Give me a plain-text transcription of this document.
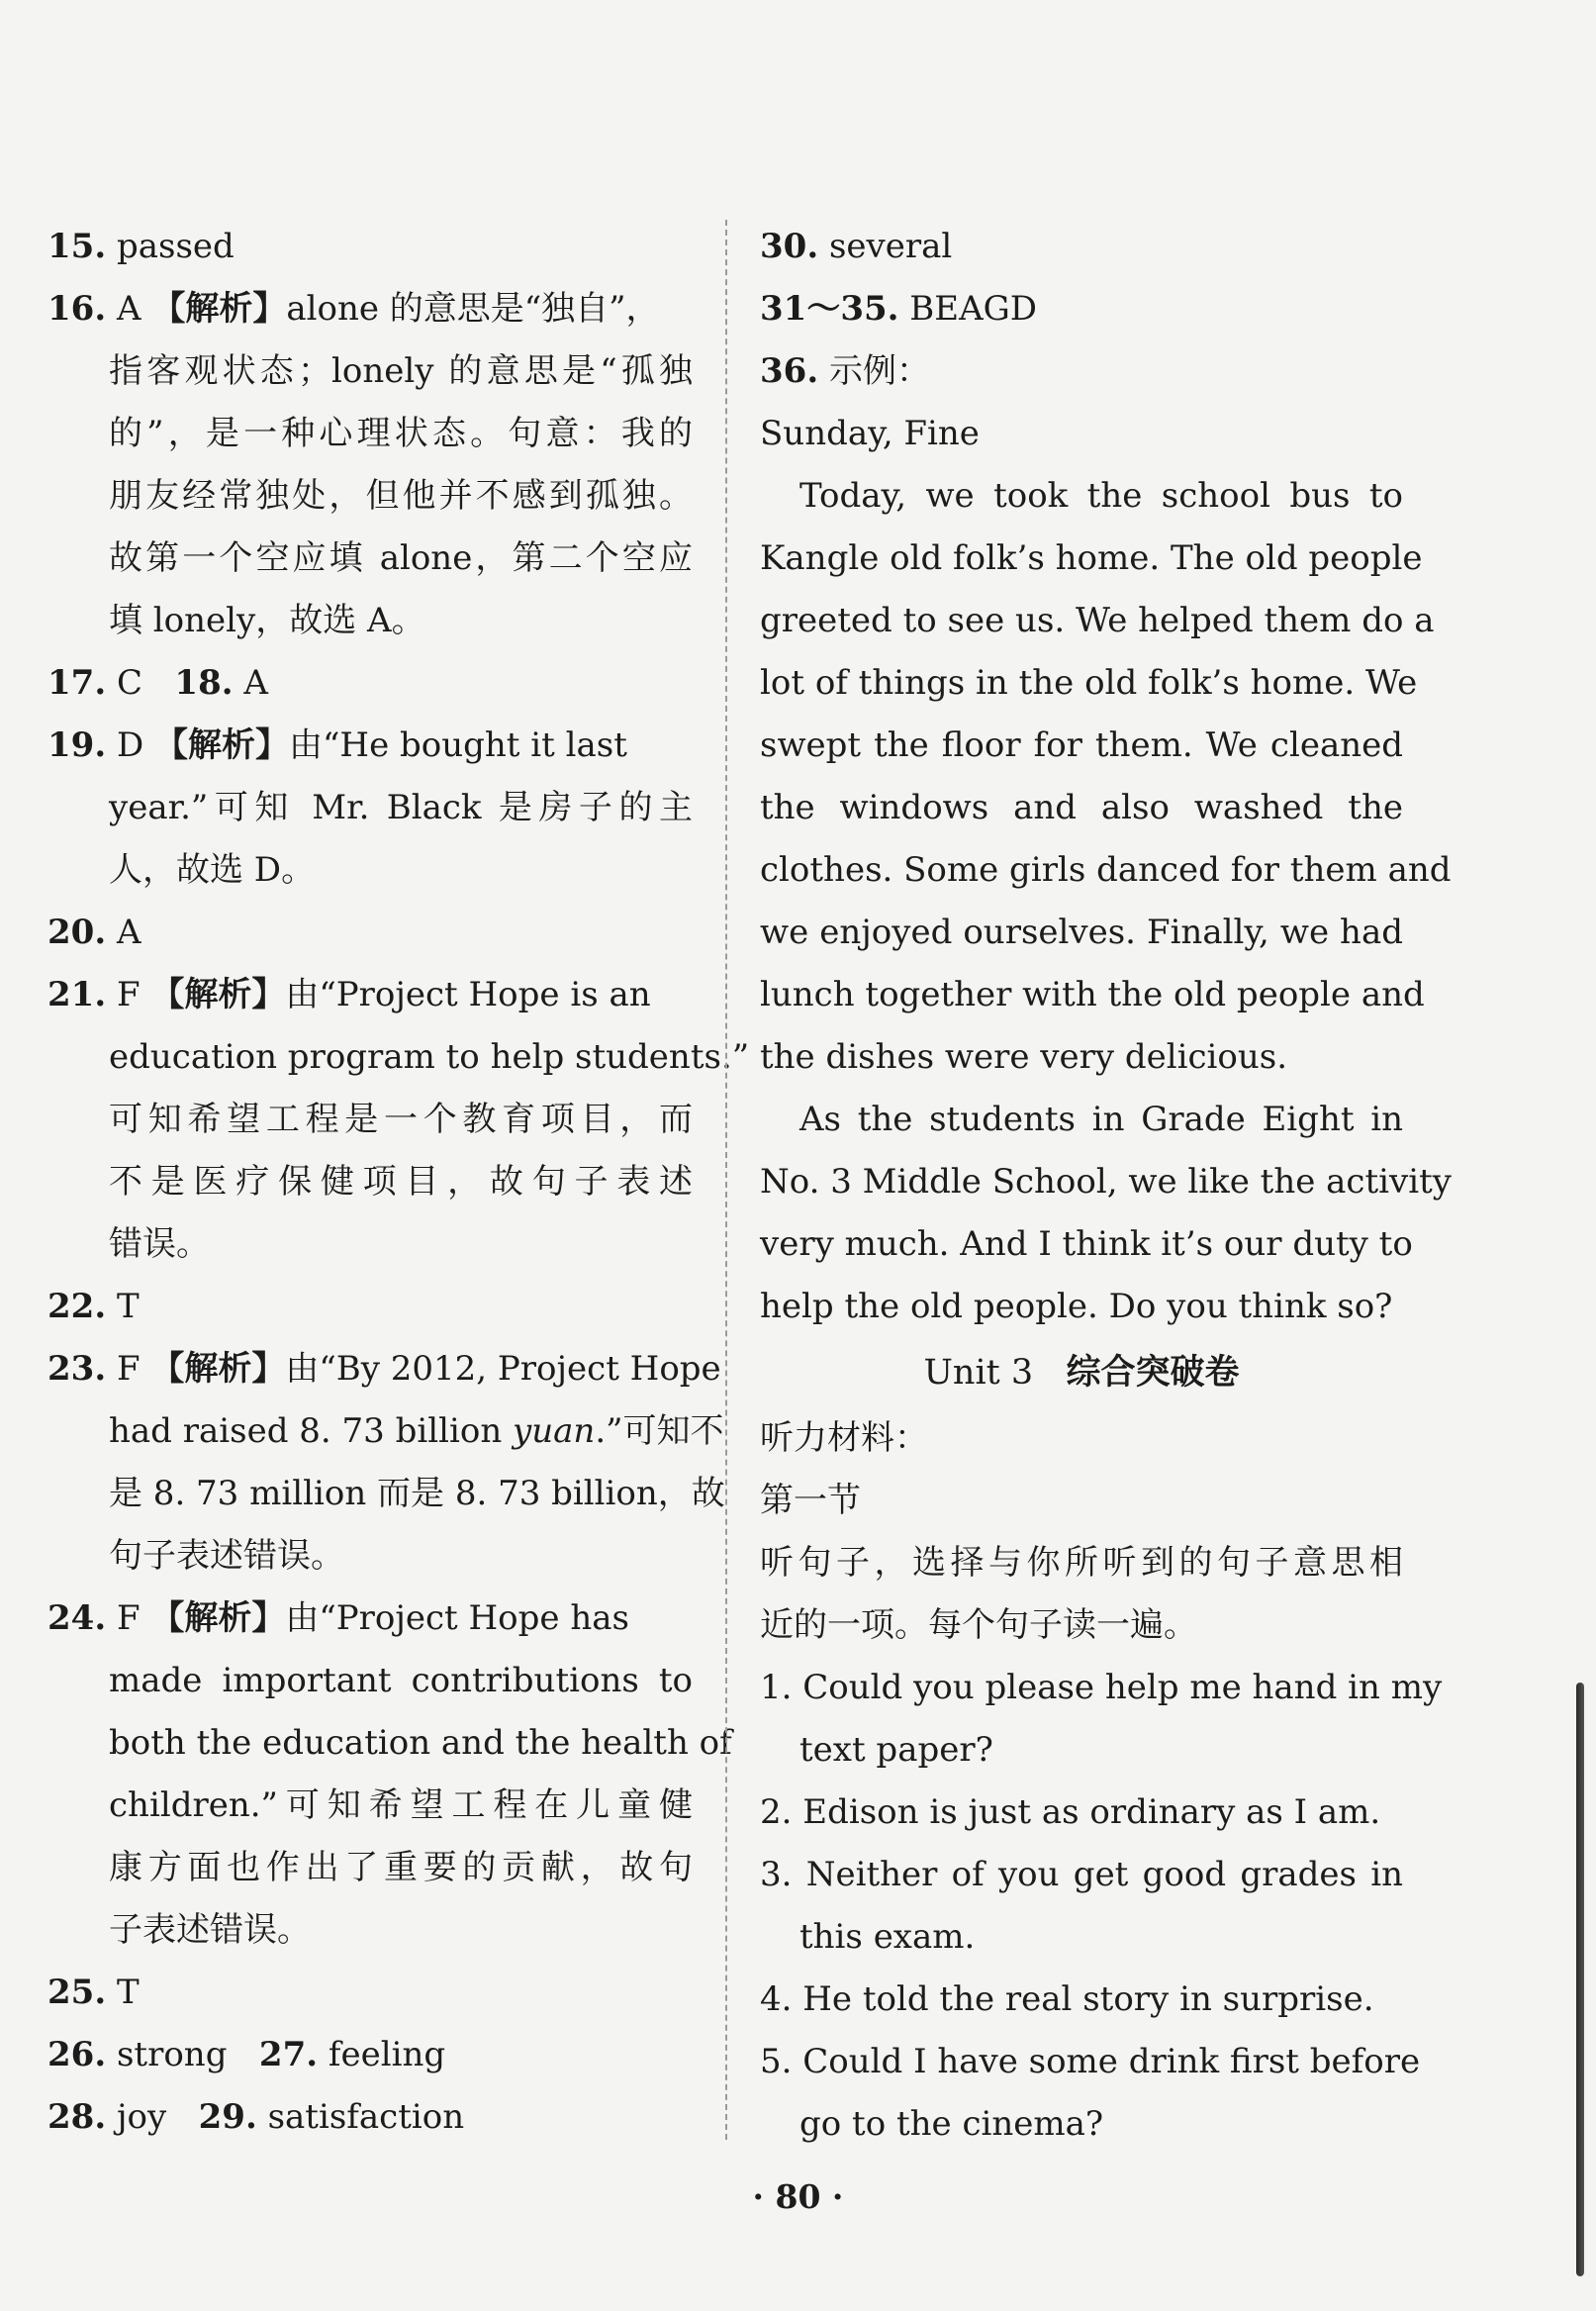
15. passed
16. A 【解析】alone 的意思是“独自”，
指客观状态；lonely 的意思是“孤独
的”，是一种心理状态。句意：我的
朋友经常独处，但他并不感到孤独。
故第一个空应填 alone，第二个空应
填 lonely，故选 A。
17. C 18. A
19. D 【解析】由“He bought it last
year.”可知 Mr. Black 是房子的主
人，故选 D。
20. A
21. F 【解析】由“Project Hope is an
education program to help students.”
可知希望工程是一个教育项目，而
不是医疗保健项目，故句子表述
错误。
22. T
23. F 【解析】由“By 2012, Project Hope
had raised 8. 73 billion yuan.”可知不
是 8. 73 million 而是 8. 73 billion，故
句子表述错误。
24. F 【解析】由“Project Hope has
made important contributions to
both the education and the health of
children.”可知希望工程在儿童健
康方面也作出了重要的贡献，故句
子表述错误。
25. T
26. strong 27. feeling
28. joy 29. satisfaction
30. several
31～35. BEAGD
36. 示例：
Sunday, Fine
Today, we took the school bus to
Kangle old folk’s home. The old people
greeted to see us. We helped them do a
lot of things in the old folk’s home. We
swept the floor for them. We cleaned
the windows and also washed the
clothes. Some girls danced for them and
we enjoyed ourselves. Finally, we had
lunch together with the old people and
the dishes were very delicious.
As the students in Grade Eight in
No. 3 Middle School, we like the activity
very much. And I think it’s our duty to
help the old people. Do you think so?
Unit 3 综合突破卷
听力材料：
第一节
听句子，选择与你所听到的句子意思相
近的一项。每个句子读一遍。
1. Could you please help me hand in my
text paper?
2. Edison is just as ordinary as I am.
3. Neither of you get good grades in
this exam.
4. He told the real story in surprise.
5. Could I have some drink first before
go to the cinema?
· 80 ·
